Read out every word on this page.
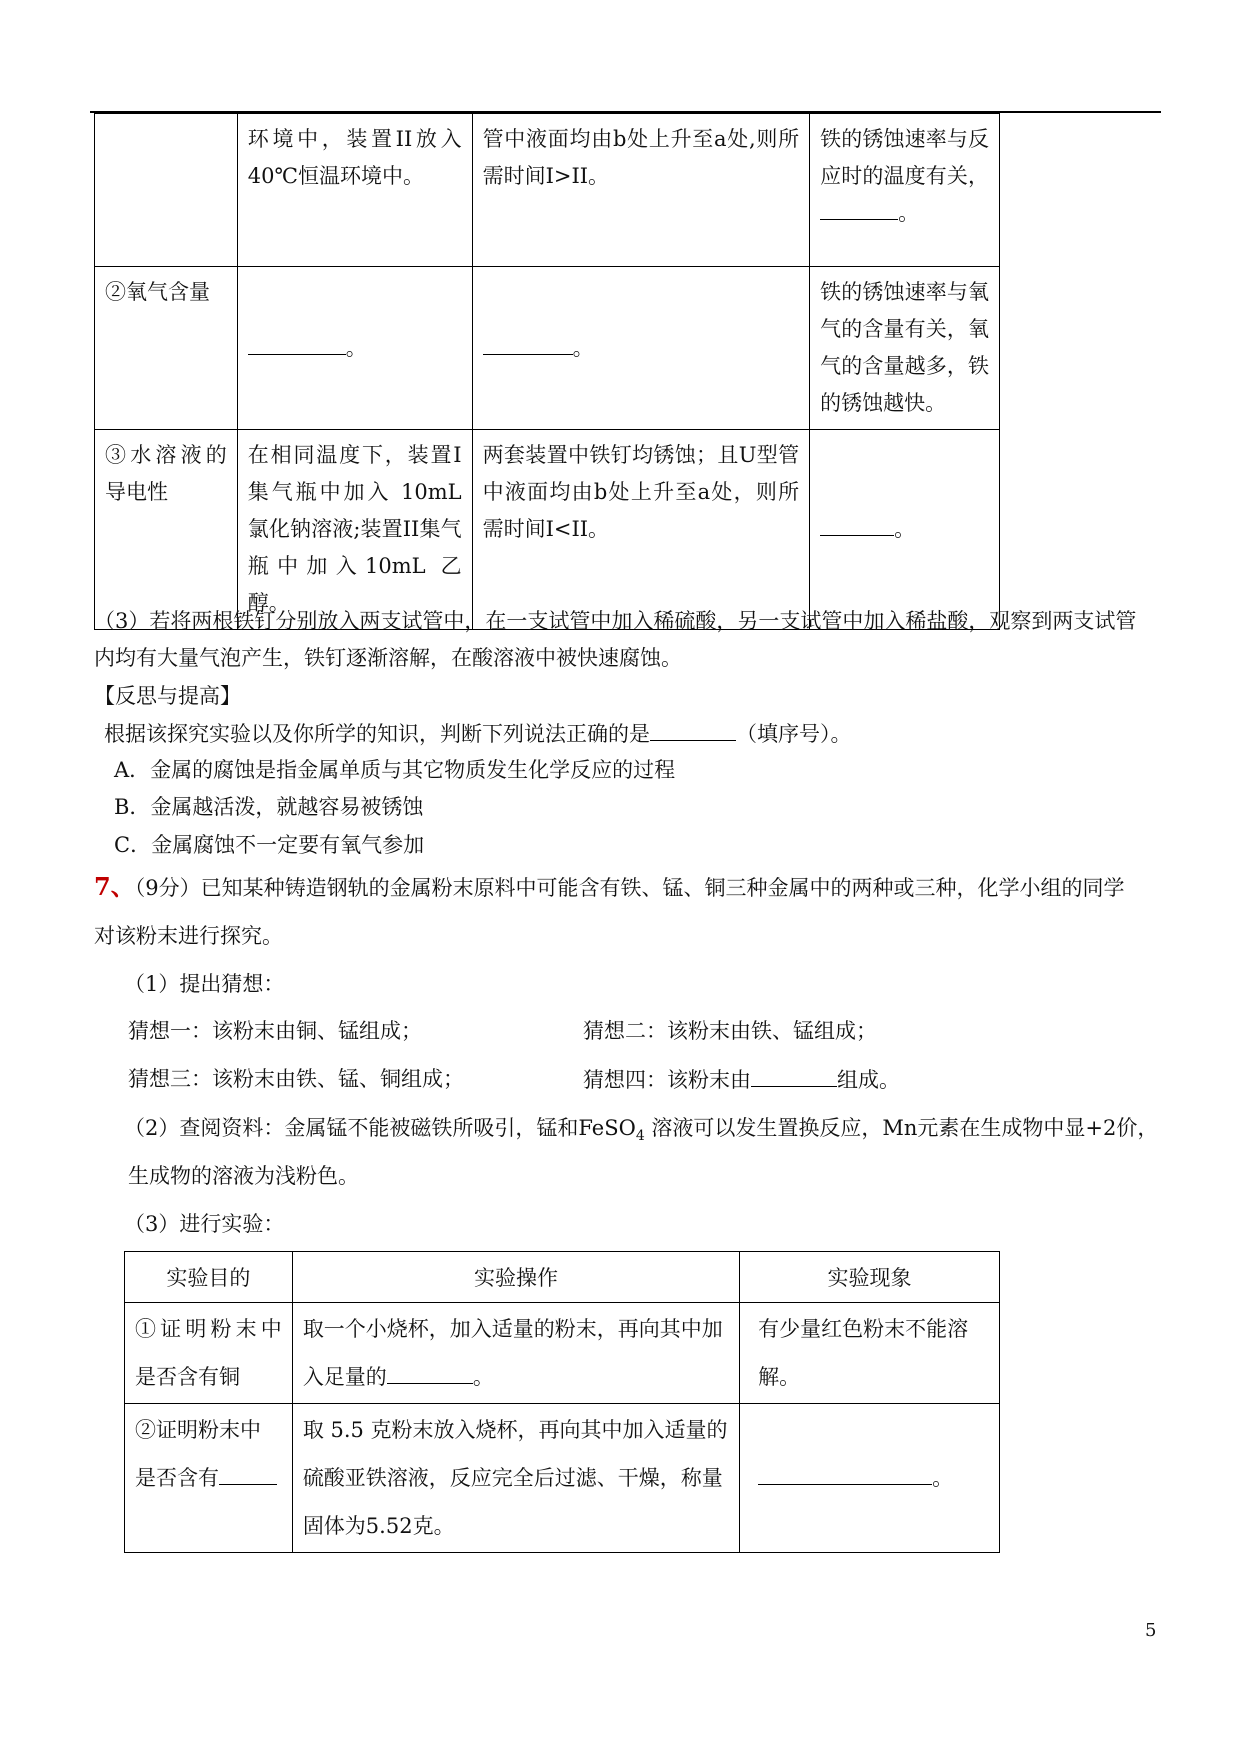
	环境中，装置II放入40℃恒温环境中。	管中液面均由b处上升至a处,则所需时间I>II。	铁的锈蚀速率与反应时的温度有关，。
②氧气含量	。	。	铁的锈蚀速率与氧气的含量有关，氧气的含量越多，铁的锈蚀越快。
③水溶液的导电性	在相同温度下，装置I集气瓶中加入 10mL氯化钠溶液;装置II集气瓶中加入10mL 乙醇。	两套装置中铁钉均锈蚀；且U型管中液面均由b处上升至a处，则所需时间I<II。	。
（3）若将两根铁钉分别放入两支试管中，在一支试管中加入稀硫酸，另一支试管中加入稀盐酸，观察到两支试管
内均有大量气泡产生，铁钉逐渐溶解，在酸溶液中被快速腐蚀。
【反思与提高】
根据该探究实验以及你所学的知识，判断下列说法正确的是	（填序号）。
A．金属的腐蚀是指金属单质与其它物质发生化学反应的过程
B．金属越活泼，就越容易被锈蚀
C．金属腐蚀不一定要有氧气参加
7、（9分）已知某种铸造钢轨的金属粉末原料中可能含有铁、锰、铜三种金属中的两种或三种，化学小组的同学
对该粉末进行探究。
（1）提出猜想：
猜想一：该粉末由铜、锰组成；	猜想二：该粉末由铁、锰组成；
猜想三：该粉末由铁、锰、铜组成；	猜想四：该粉末由	组成。
（2）查阅资料：金属锰不能被磁铁所吸引，锰和FeSO$_4$ 溶液可以发生置换反应，Mn元素在生成物中显+2价，
生成物的溶液为浅粉色。
（3）进行实验：
实验目的	实验操作	实验现象
①证明粉末中是否含有铜	取一个小烧杯，加入适量的粉末，再向其中加入足量的 。	有少量红色粉末不能溶解。
②证明粉末中是否含有	取 5.5 克粉末放入烧杯，再向其中加入适量的硫酸亚铁溶液，反应完全后过滤、干燥，称量固体为5.52克。	。
5
